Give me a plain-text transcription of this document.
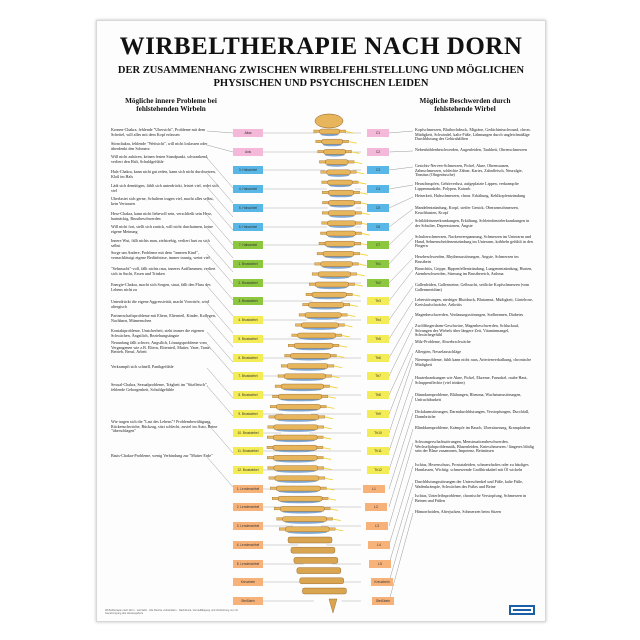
WIRBELTHERAPIE NACH DORN
DER ZUSAMMENHANG ZWISCHEN WIRBELFEHLSTELLUNG UND MÖGLICHEN
PHYSISCHEN UND PSYCHISCHEN LEIDEN
Mögliche innere Probleme bei
fehlstehenden Wirbeln
Mögliche Beschwerden durch
fehlstehende Wirbel
Kronen-Chakra, fehlende "Übersicht", Probleme mit dem Scheitel, will alles mit dem Kopf erfassen
Stirnchakra, fehlende "Weitsicht", will nicht loslassen oder überdenkt den Schmerz
Will nicht zuhören, keinen festen Standpunkt, schwankend, verliert den Halt, Schuldgefühle
Hals-Chakra, kann nicht gut reden, kann sich nicht durchsetzen, Kloß im Hals
Lädt sich demütigen, fühlt sich unterdrückt, leistet viel, redet sich viel
Überlastet sich gerne, Schultern tragen viel, macht alles selbst, kein Vertrauen
Herz-Chakra, kann nicht liebevoll sein, verschließt sein Herz, hartnäckig, Brustbeschwerden
Will nicht fort, stellt sich zurück, will nicht durchatmen, keine eigene Meinung
Innere Wut, fällt nichts man, zielstrebig, verliert hart zu sich selbst
Sorge um Andere, Probleme mit dem "inneren Kind", vernachlässigt eigene Bedürfnisse, immer traurig, weint viel
"Sehnsucht"-voll, fällt nichts raus, inneres Aufflammen, verliert sich in Sucht, Essen und Trinken
Energie-Chakra, macht sich Sorgen, staut, fällt den Fluss des Lebens nicht zu
Unterdrückt die eigene Aggressivität, macht Vorwürfe, wird altergisch
Partnerschaftsprobleme mit Eltern, Elternteil, Kinder, Kollegen, Nachbarn, Mitmenschen
Kontaktprobleme, Unsicherheit, sieht immer die eigenen Schwächen, Ängstlich, Beziehungsängste
Neuanfang fällt schwer, Ängstlich, Lösungsprobleme vom Vergangenen wie z.B. Eltern, Elternteil, Mutter, Vater, Tante, Betrieb, Beruf, Arbeit
Verkrampft sich schnell, Panikgefühle
Sexual-Chakra, Sexualprobleme, Trägheit im "Sitzfleisch", fehlende Geborgenheit, Schuldgefühle
Wie tragen sich die "Last des Lebens"? Problembewältigung, Rückenschwäche, Rückzug, sitzt schlecht, zuviel im Auto, Beine "überschlagen"
Basis-Chakra-Probleme, wenig Verbindung zur "Mutter Erde"
Atlas
Axis
3. Halswirbel
4. Halswirbel
5. Halswirbel
6. Halswirbel
7. Halswirbel
1. Brustwirbel
2. Brustwirbel
3. Brustwirbel
4. Brustwirbel
5. Brustwirbel
6. Brustwirbel
7. Brustwirbel
8. Brustwirbel
9. Brustwirbel
10. Brustwirbel
11. Brustwirbel
12. Brustwirbel
1. Lendenwirbel
2. Lendenwirbel
3. Lendenwirbel
4. Lendenwirbel
5. Lendenwirbel
Kreuzbein
Steißbein
C1
C2
C3
C4
C5
C6
C7
Th1
Th2
Th3
Th4
Th5
Th6
Th7
Th8
Th9
Th10
Th11
Th12
L1
L2
L3
L4
L5
Kreuzbein
Steißbein
Kopfschmerzen, Bluthochdruck, Migräne, Gedächtnisschwund, chron. Müdigkeit, Schwindel, kalte Füße, Lähmungen durch ungleichmäßige Durchblutung des Gehirnhälften
Nebenhöhlenbeschwerden, Augenleiden, Taubheit, Ohrenschmerzen
Gesichts-Nerven-Schmerzen, Pickel, Akne, Ohrensausen, Zahnschmerzen, schlechte Zähne, Karies, Zahnfleisch, Neuralgie, Tinnitus (Ohrgeräusche)
Heuschnupfen, Gehörverlust, aufgeplatzte Lippen, verkrampfte Lippenmuskeln, Polypen, Katarrh
Heiserkeit, Halsschmerzen, chron. Erkältung, Kehlkopfentzündung
Mandelentzündung, Kropf, steifer Genick, Oberarmschmerzen, Keuchhusten, Kropf
Schilddrüsenerkrankungen, Erkältung, Schleimbeutelerkrankungen in der Schulter, Depressionen, Ängste
Schulterschmerzen, Nackenverspannung, Schmerzen im Unterarm und Hand, Sehnenscheidenentzündung im Unterarm, kribbeln gefühlt in den Fingern
Herzbeschwerden, Rhythmusstörungen, Ängste, Schmerzen im Brustbein
Bronchitis, Grippe, Rippenfellentzündung, Lungenentzündung, Husten, Atembeschwerden, Stirnung im Brustbereich, Asthma
Gallenleiden, Gallensteine, Gelbsucht, seitliche Kopfschmerzen (vom Gallenmeridian)
Leberstörungen, niedriger Blutdruck, Blutarmut, Müdigkeit, Gürtelrose, Kreislaufschwäche, Arthritis
Magenbeschwerden, Verdauungsstörungen, Sodbrennen, Diabetes
Zwölffingerdarm-Geschwüre, Magenbeschwerden, Schluckauf, Störungen des Wirbels über längere Zeit, Vitaminmangel, Schwächegefühl
Milz-Probleme, Abwehrschwäche
Allergien, Nesselausschläge
Nierenprobleme, fühlt kann nicht raus, Arterienverkalkung, chronische Müdigkeit
Hauterkrankungen wie Akne, Pickel, Ekzeme, Furunkel, raube Haut, Schuppenflechte (viel trinken)
Dünndarmprobleme, Blähungen, Rheuma, Wachstumsstörungen, Unfruchtbarkeit
Dickdarmstörungen, Darmdurchblutungen, Verstopfungen, Durchfall, Darmbrüche
Blinddarmprobleme, Krämpfe im Bauch, Übersäuerung, Krampfadern
Schwangerschaftsstörungen, Menstruationsbeschwerden, Wechseljahrproblematik, Blasenleiden, Knieschmerzen / längeres blödig sein der Blase zusammen, Impotenz, Bettnässen
Ischias, Hexenschuss, Prostataleiden, schmerzhaftes oder zu häufiges Harnlassen, Wichtig: schmerzende Großhirnkabel mit Öl wickeln
Durchblutungsstörungen der Unterschenkel und Füße, kalte Füße, Wadenkrämpfe, Schwächen des Fußes und Beine
Ischias, Unterleibsprobleme, chronische Verstopfung, Schmerzen in Beinen und Füßen
Hämorrhoiden, Afterjucken, Schmerzen beim Sitzen
Wirbeltherapie nach Dorn · Lehrtafel · Alle Rechte vorbehalten · Nachdruck, Vervielfältigung und Verbreitung nur mit Genehmigung des Herausgebers
